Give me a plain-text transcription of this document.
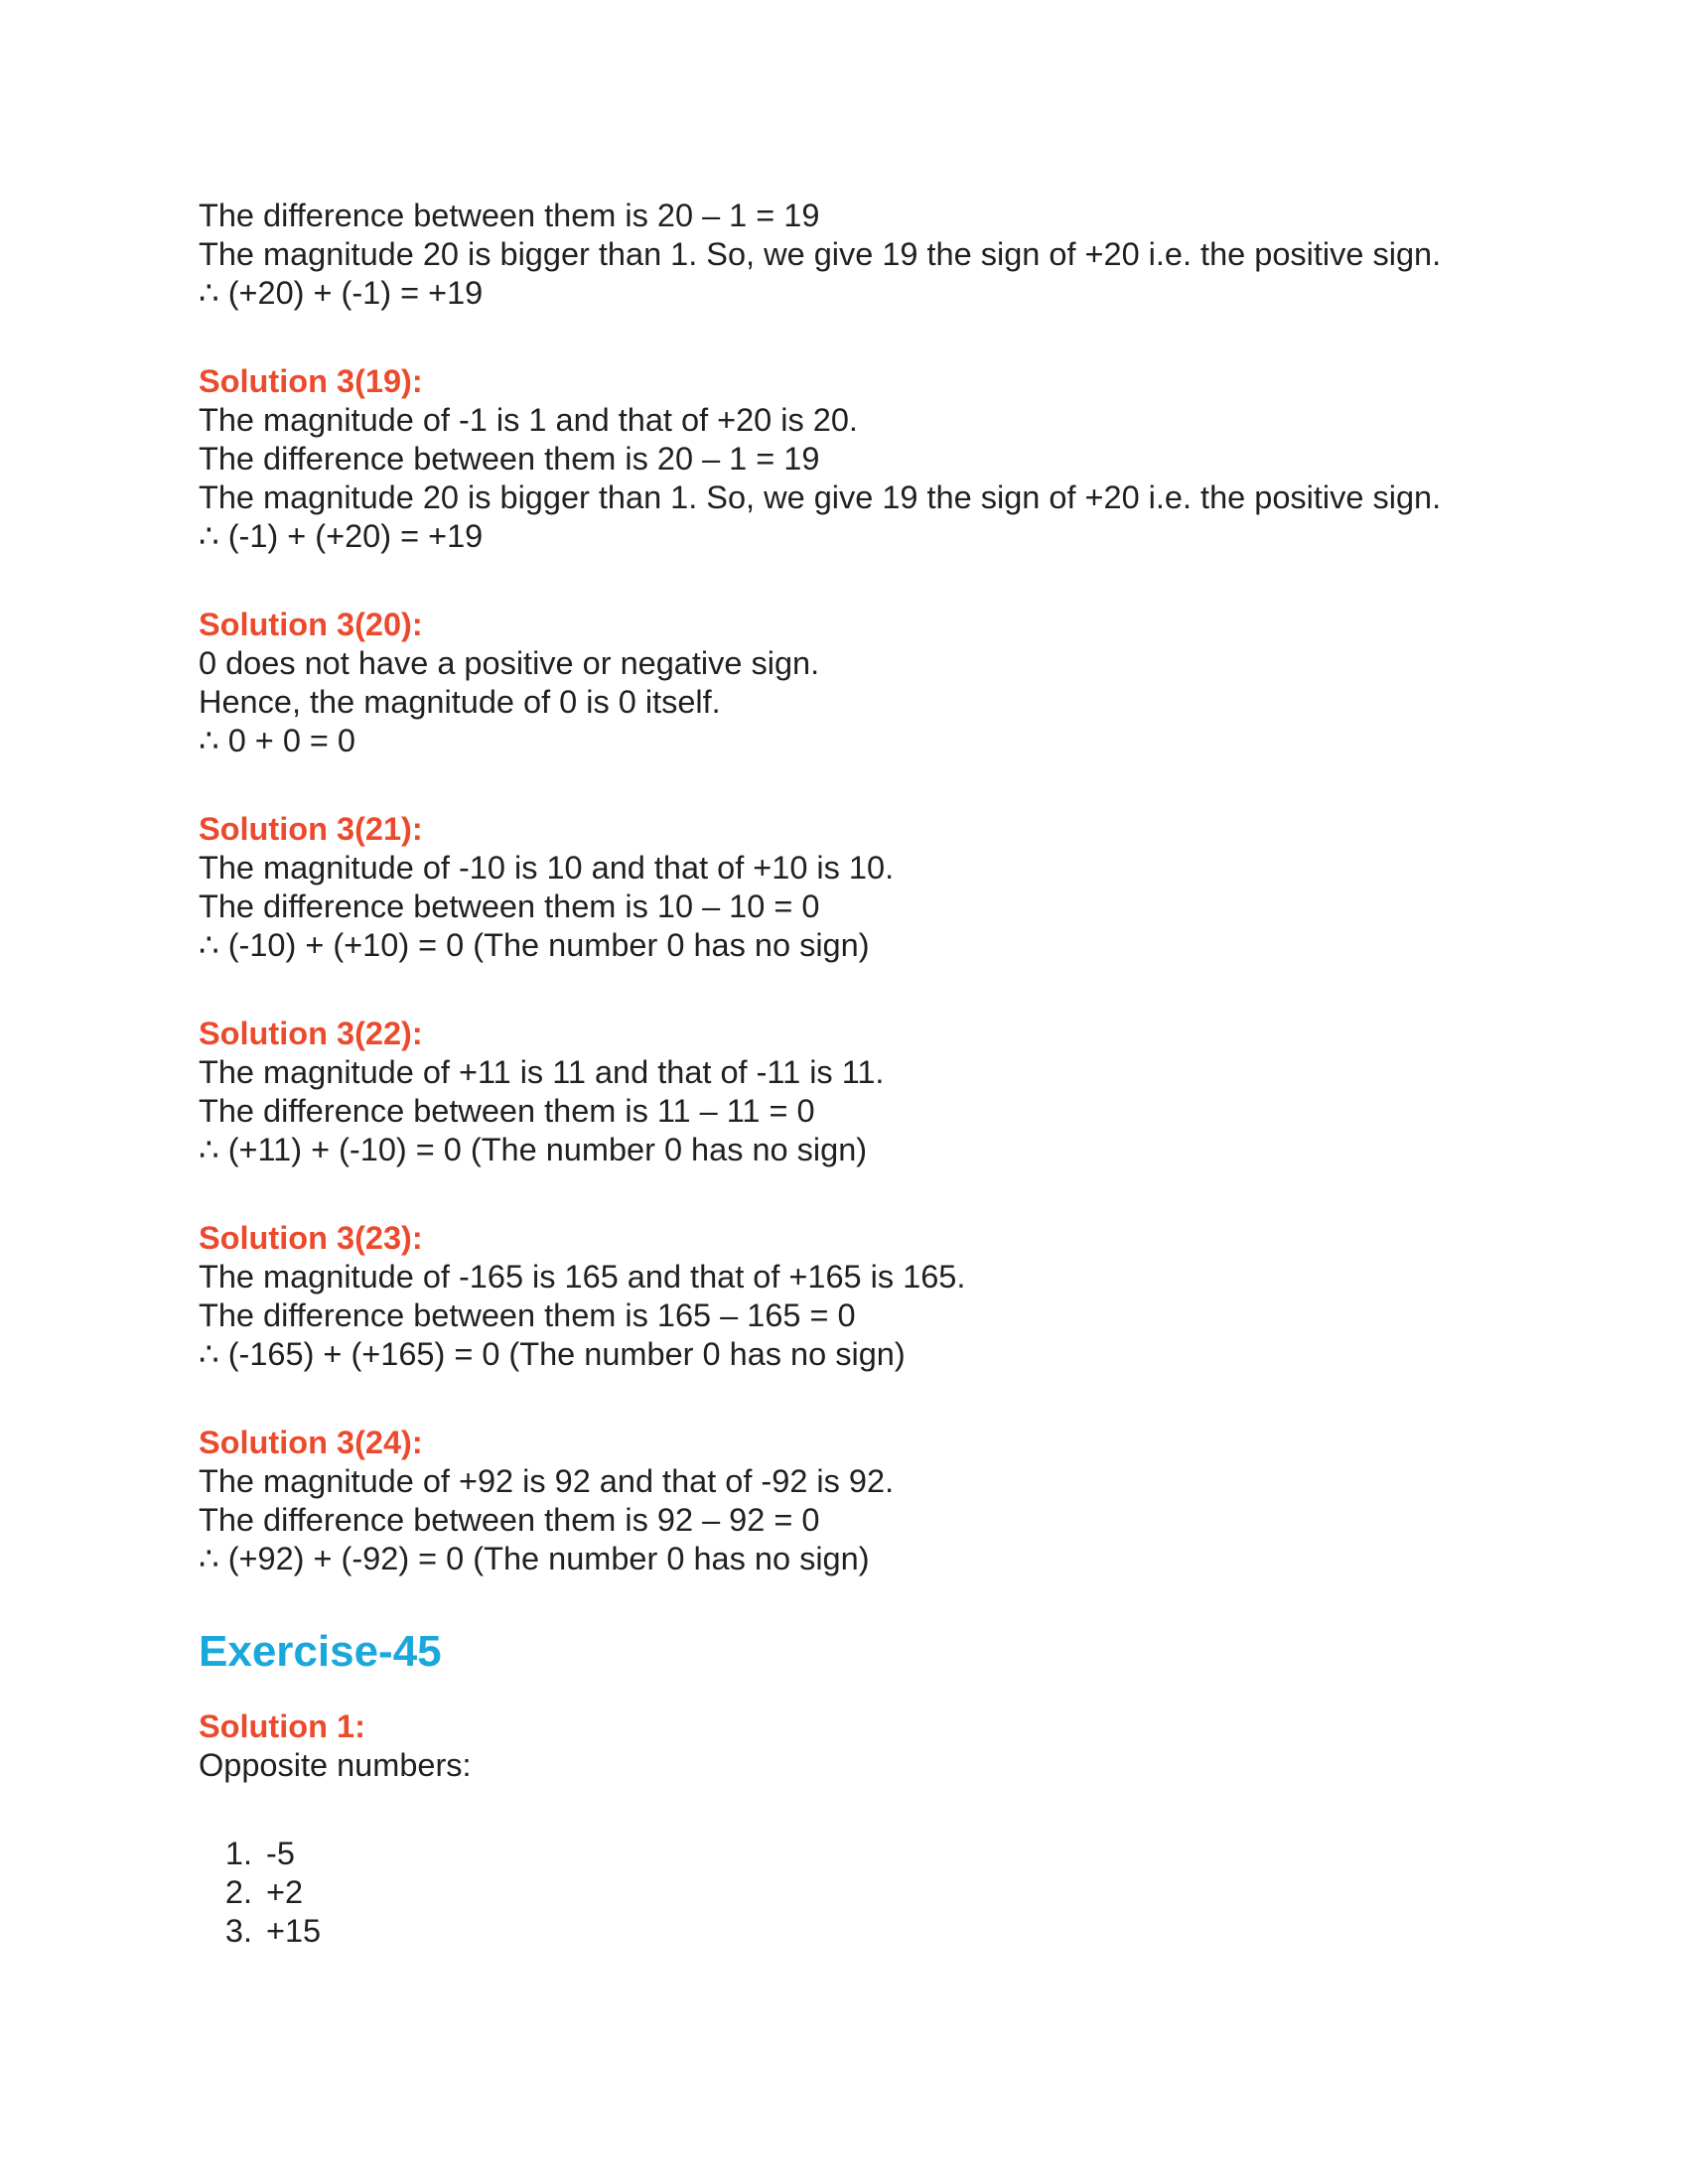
The difference between them is 20 – 1 = 19

The magnitude 20 is bigger than 1. So, we give 19 the sign of +20 i.e. the positive sign.

∴ (+20) + (-1) = +19

Solution 3(19):

The magnitude of -1 is 1 and that of +20 is 20.

The difference between them is 20 – 1 = 19

The magnitude 20 is bigger than 1. So, we give 19 the sign of +20 i.e. the positive sign.

∴ (-1) + (+20) = +19

Solution 3(20):

0 does not have a positive or negative sign.

Hence, the magnitude of 0 is 0 itself.

∴ 0 + 0 = 0

Solution 3(21):

The magnitude of -10 is 10 and that of +10 is 10.

The difference between them is 10 – 10 = 0

∴ (-10) + (+10) = 0 (The number 0 has no sign)

Solution 3(22):

The magnitude of +11 is 11 and that of -11 is 11.

The difference between them is 11 – 11 = 0

∴ (+11) + (-10) = 0 (The number 0 has no sign)

Solution 3(23):

The magnitude of -165 is 165 and that of +165 is 165.

The difference between them is 165 – 165 = 0

∴ (-165) + (+165) = 0 (The number 0 has no sign)

Solution 3(24):

The magnitude of +92 is 92 and that of -92 is 92.

The difference between them is 92 – 92 = 0

∴ (+92) + (-92) = 0 (The number 0 has no sign)

Exercise-45

Solution 1:

Opposite numbers:

1. -5
2. +2
3. +15
